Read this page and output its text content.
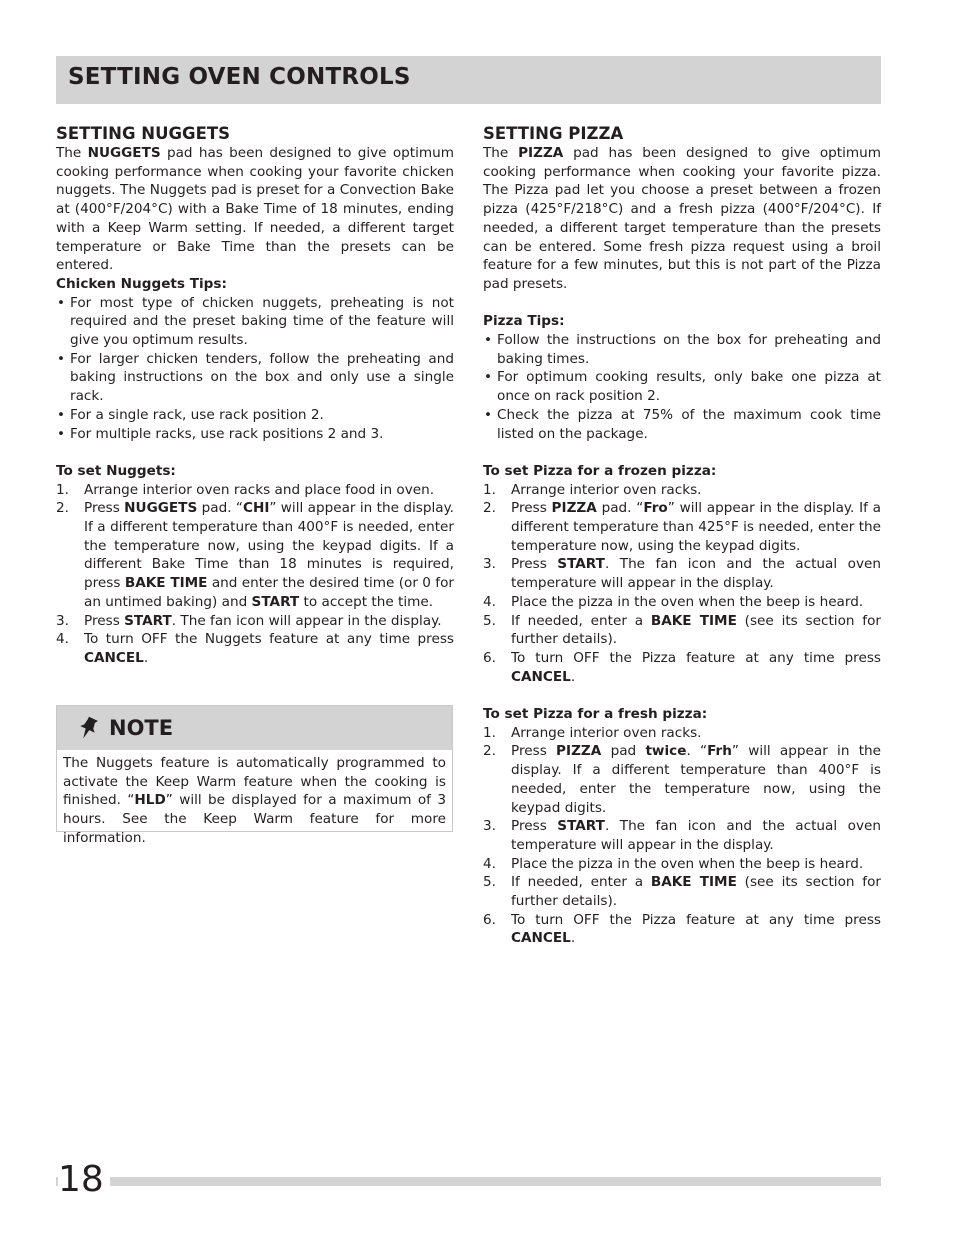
SETTING OVEN CONTROLS
SETTING NUGGETS

The NUGGETS pad has been designed to give optimum cooking performance when cooking your favorite chicken nuggets. The Nuggets pad is preset for a Convection Bake at (400°F/204°C) with a Bake Time of 18 minutes, ending with a Keep Warm setting. If needed, a different target temperature or Bake Time than the presets can be entered.

Chicken Nuggets Tips:

• For most type of chicken nuggets, preheating is not required and the preset baking time of the feature will give you optimum results.
• For larger chicken tenders, follow the preheating and baking instructions on the box and only use a single rack.
• For a single rack, use rack position 2.
• For multiple racks, use rack positions 2 and 3.

To set Nuggets:

1. Arrange interior oven racks and place food in oven.
2. Press NUGGETS pad. “CHI” will appear in the display. If a different temperature than 400°F is needed, enter the temperature now, using the keypad digits. If a different Bake Time than 18 minutes is required, press BAKE TIME and enter the desired time (or 0 for an untimed baking) and START to accept the time.
3. Press START. The fan icon will appear in the display.
4. To turn OFF the Nuggets feature at any time press CANCEL.
NOTE

The Nuggets feature is automatically programmed to activate the Keep Warm feature when the cooking is finished. “HLD” will be displayed for a maximum of 3 hours. See the Keep Warm feature for more information.

SETTING PIZZA

The PIZZA pad has been designed to give optimum cooking performance when cooking your favorite pizza. The Pizza pad let you choose a preset between a frozen pizza (425°F/218°C) and a fresh pizza (400°F/204°C). If needed, a different target temperature than the presets can be entered. Some fresh pizza request using a broil feature for a few minutes, but this is not part of the Pizza pad presets.

Pizza Tips:

• Follow the instructions on the box for preheating and baking times.
• For optimum cooking results, only bake one pizza at once on rack position 2.
• Check the pizza at 75% of the maximum cook time listed on the package.

To set Pizza for a frozen pizza:

1. Arrange interior oven racks.
2. Press PIZZA pad. “Fro” will appear in the display. If a different temperature than 425°F is needed, enter the temperature now, using the keypad digits.
3. Press START. The fan icon and the actual oven temperature will appear in the display.
4. Place the pizza in the oven when the beep is heard.
5. If needed, enter a BAKE TIME (see its section for further details).
6. To turn OFF the Pizza feature at any time press CANCEL.

To set Pizza for a fresh pizza:

1. Arrange interior oven racks.
2. Press PIZZA pad twice. “Frh” will appear in the display. If a different temperature than 400°F is needed, enter the temperature now, using the keypad digits.
3. Press START. The fan icon and the actual oven temperature will appear in the display.
4. Place the pizza in the oven when the beep is heard.
5. If needed, enter a BAKE TIME (see its section for further details).
6. To turn OFF the Pizza feature at any time press CANCEL.

18
